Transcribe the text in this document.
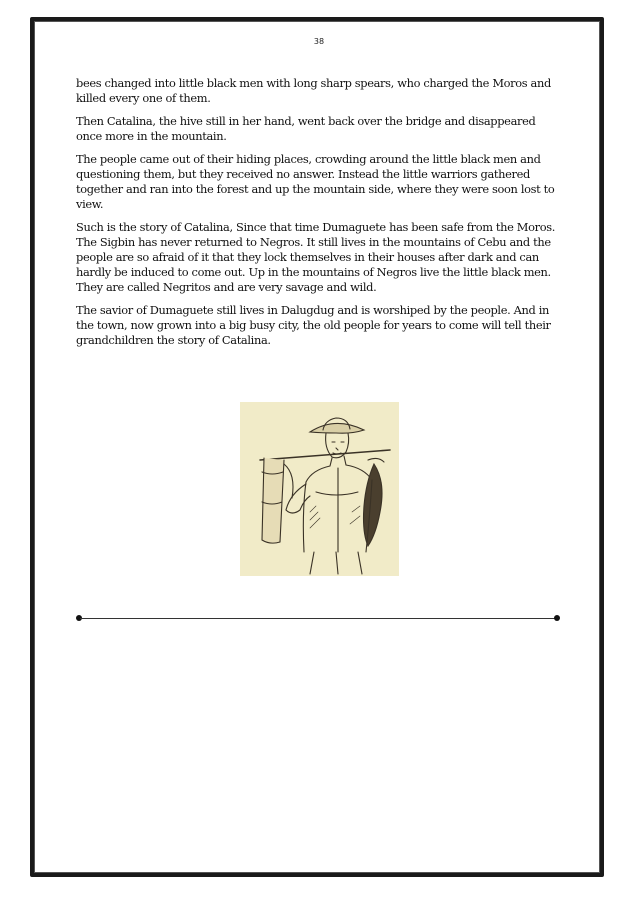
38

bees changed into little black men with long sharp spears, who charged the Moros and killed every one of them.

Then Catalina, the hive still in her hand, went back over the bridge and disappeared once more in the mountain.

The people came out of their hiding places, crowding around the little black men and questioning them, but they received no answer. Instead the little warriors gathered together and ran into the forest and up the mountain side, where they were soon lost to view.

Such is the story of Catalina, Since that time Dumaguete has been safe from the Moros. The Sigbin has never returned to Negros. It still lives in the mountains of Cebu and the people are so afraid of it that they lock themselves in their houses after dark and can hardly be induced to come out. Up in the mountains of Negros live the little black men. They are called Negritos and are very savage and wild.

The savior of Dumaguete still lives in Dalugdug and is worshiped by the people. And in the town, now grown into a big busy city, the old people for years to come will tell their grandchildren the story of Catalina.
